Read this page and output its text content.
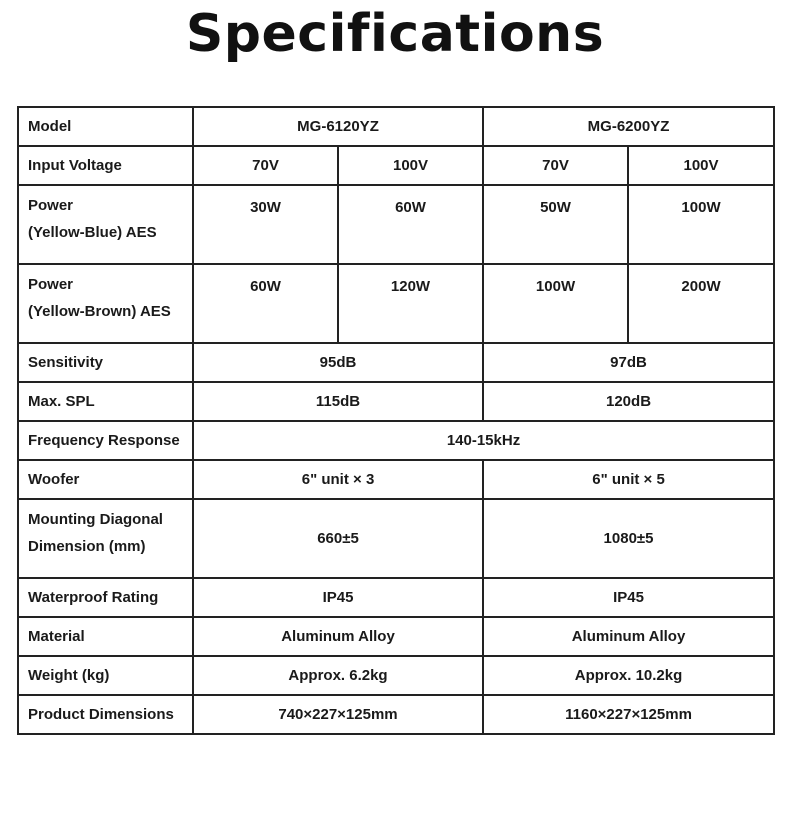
Specifications
Model	MG-6120YZ		MG-6200YZ	
Input Voltage	70V	100V	70V	100V

Power
(Yellow-Blue) AES	30W	60W	50W	100W

Power
(Yellow-Brown) AES	60W	120W	100W	200W

Sensitivity	95dB		97dB	
Max. SPL	115dB		120dB	
Frequency Response	140-15kHz			
Woofer	6" unit × 3		6" unit × 5	

Mounting Diagonal
Dimension (mm)	660±5		1080±5	
Waterproof Rating	IP45		IP45	
Material	Aluminum Alloy		Aluminum Alloy	
Weight (kg)	Approx. 6.2kg		Approx. 10.2kg	
Product Dimensions	740×227×125mm		1160×227×125mm	
